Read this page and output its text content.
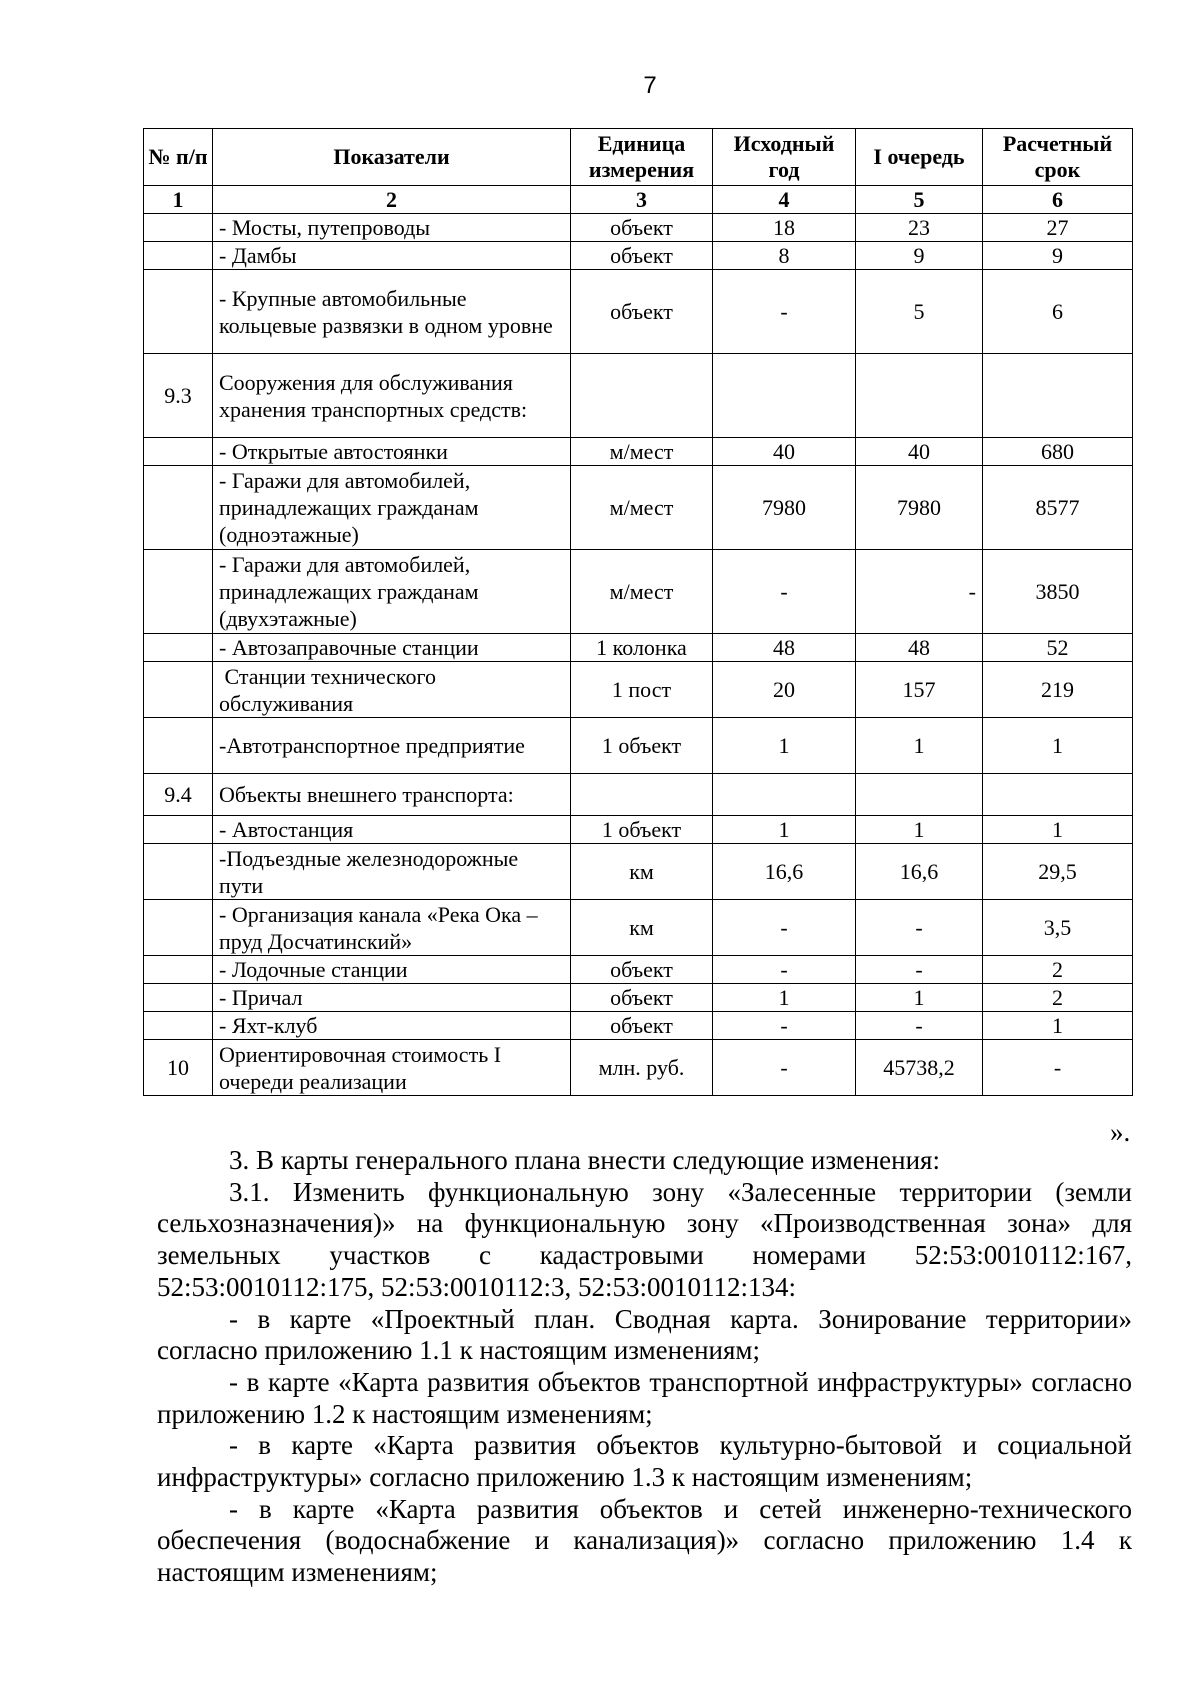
7
№ п/п	Показатели	Единица измерения	Исходный год	I очередь	Расчетный срок
1	2	3	4	5	6
	- Мосты, путепроводы	объект	18	23	27
	- Дамбы	объект	8	9	9
	- Крупные автомобильные кольцевые развязки в одном уровне	объект	-	5	6
9.3	Сооружения для обслуживания хранения транспортных средств:				
	- Открытые автостоянки	м/мест	40	40	680
	- Гаражи для автомобилей, принадлежащих гражданам (одноэтажные)	м/мест	7980	7980	8577
	- Гаражи для автомобилей, принадлежащих гражданам (двухэтажные)	м/мест	-	-	3850
	- Автозаправочные станции	1 колонка	48	48	52
	Станции технического обслуживания	1 пост	20	157	219
	-Автотранспортное предприятие	1 объект	1	1	1
9.4	Объекты внешнего транспорта:				
	- Автостанция	1 объект	1	1	1
	-Подъездные железнодорожные пути	км	16,6	16,6	29,5
	- Организация канала «Река Ока – пруд Досчатинский»	км	-	-	3,5
	- Лодочные станции	объект	-	-	2
	- Причал	объект	1	1	2
	- Яхт-клуб	объект	-	-	1
10	Ориентировочная стоимость I очереди реализации	млн. руб.	-	45738,2	-
».

3. В карты генерального плана внести следующие изменения:

3.1. Изменить функциональную зону «Залесенные территории (земли сельхозназначения)» на функциональную зону «Производственная зона» для земельных участков с кадастровыми номерами 52:53:0010112:167, 52:53:0010112:175, 52:53:0010112:3, 52:53:0010112:134:

- в карте «Проектный план. Сводная карта. Зонирование территории» согласно приложению 1.1 к настоящим изменениям;

- в карте «Карта развития объектов транспортной инфраструктуры» согласно приложению 1.2 к настоящим изменениям;

- в карте «Карта развития объектов культурно-бытовой и социальной инфраструктуры» согласно приложению 1.3 к настоящим изменениям;

- в карте «Карта развития объектов и сетей инженерно-технического обеспечения (водоснабжение и канализация)» согласно приложению 1.4 к настоящим изменениям;
